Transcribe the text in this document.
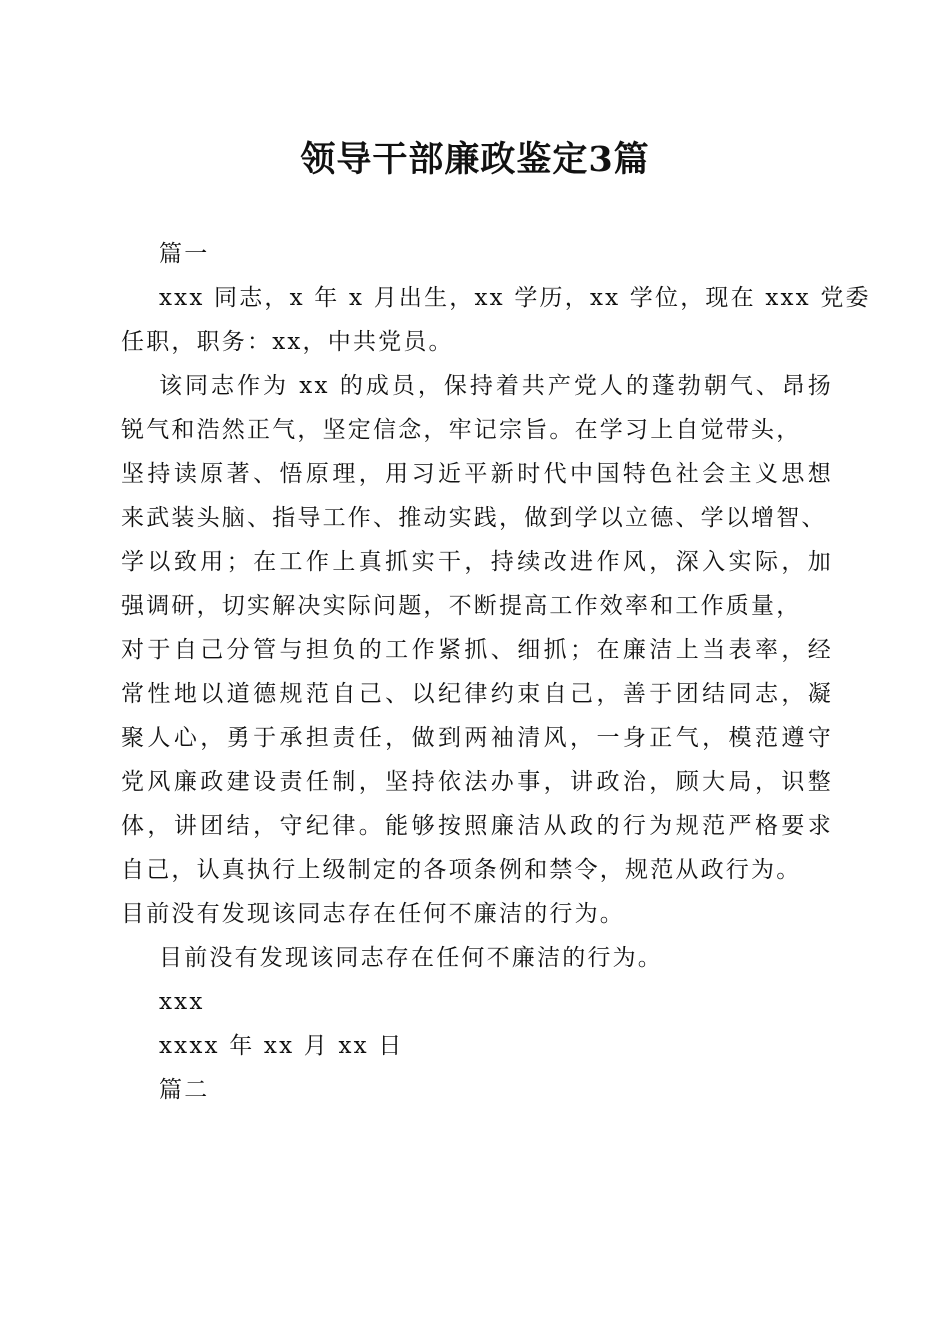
领导干部廉政鉴定3篇
篇一
xxx 同志，x 年 x 月出生，xx 学历，xx 学位，现在 xxx 党委
任职，职务：xx，中共党员。
该同志作为 xx 的成员，保持着共产党人的蓬勃朝气、昂扬
锐气和浩然正气，坚定信念，牢记宗旨。在学习上自觉带头，
坚持读原著、悟原理，用习近平新时代中国特色社会主义思想
来武装头脑、指导工作、推动实践，做到学以立德、学以增智、
学以致用；在工作上真抓实干，持续改进作风，深入实际，加
强调研，切实解决实际问题，不断提高工作效率和工作质量，
对于自己分管与担负的工作紧抓、细抓；在廉洁上当表率，经
常性地以道德规范自己、以纪律约束自己，善于团结同志，凝
聚人心，勇于承担责任，做到两袖清风，一身正气，模范遵守
党风廉政建设责任制，坚持依法办事，讲政治，顾大局，识整
体，讲团结，守纪律。能够按照廉洁从政的行为规范严格要求
自己，认真执行上级制定的各项条例和禁令，规范从政行为。
目前没有发现该同志存在任何不廉洁的行为。
目前没有发现该同志存在任何不廉洁的行为。
xxx
xxxx 年 xx 月 xx 日
篇二
